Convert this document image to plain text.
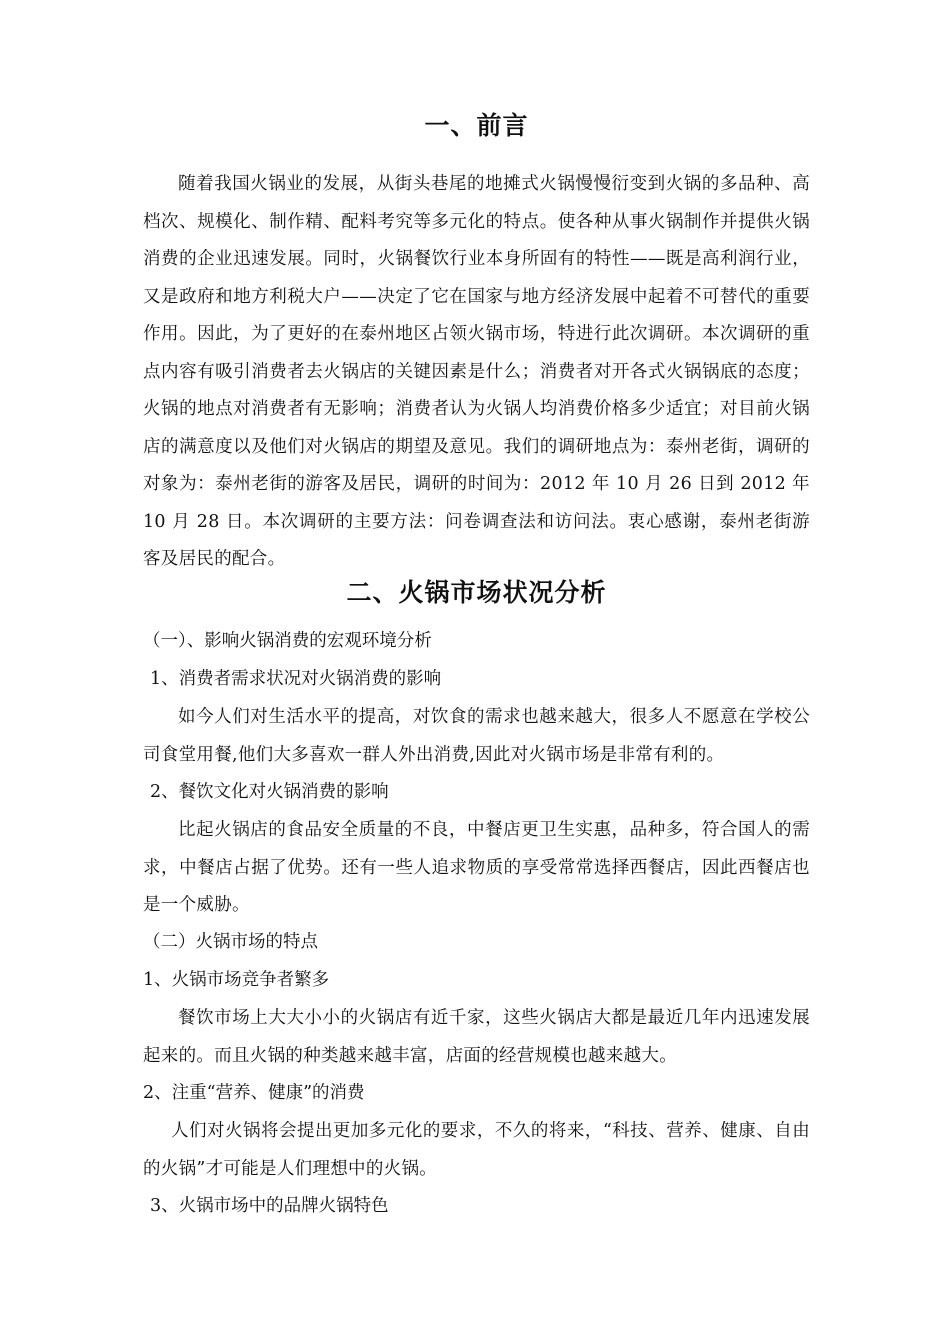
一、前言
随着我国火锅业的发展，从街头巷尾的地摊式火锅慢慢衍变到火锅的多品种、高档次、规模化、制作精、配料考究等多元化的特点。使各种从事火锅制作并提供火锅消费的企业迅速发展。同时，火锅餐饮行业本身所固有的特性——既是高利润行业，又是政府和地方利税大户——决定了它在国家与地方经济发展中起着不可替代的重要作用。因此，为了更好的在泰州地区占领火锅市场，特进行此次调研。本次调研的重点内容有吸引消费者去火锅店的关键因素是什么；消费者对开各式火锅锅底的态度；火锅的地点对消费者有无影响；消费者认为火锅人均消费价格多少适宜；对目前火锅店的满意度以及他们对火锅店的期望及意见。我们的调研地点为：泰州老街，调研的对象为：泰州老街的游客及居民，调研的时间为：2012 年 10 月 26 日到 2012 年 10 月 28 日。本次调研的主要方法：问卷调查法和访问法。衷心感谢，泰州老街游客及居民的配合。
二、火锅市场状况分析
（一）、影响火锅消费的宏观环境分析
1、消费者需求状况对火锅消费的影响
如今人们对生活水平的提高，对饮食的需求也越来越大，很多人不愿意在学校公司食堂用餐,他们大多喜欢一群人外出消费,因此对火锅市场是非常有利的。
2、餐饮文化对火锅消费的影响
比起火锅店的食品安全质量的不良，中餐店更卫生实惠，品种多，符合国人的需求，中餐店占据了优势。还有一些人追求物质的享受常常选择西餐店，因此西餐店也是一个威胁。
（二）火锅市场的特点
1、火锅市场竞争者繁多
餐饮市场上大大小小的火锅店有近千家，这些火锅店大都是最近几年内迅速发展起来的。而且火锅的种类越来越丰富，店面的经营规模也越来越大。
2、注重“营养、健康”的消费
人们对火锅将会提出更加多元化的要求，不久的将来，“科技、营养、健康、自由的火锅”才可能是人们理想中的火锅。
3、火锅市场中的品牌火锅特色
